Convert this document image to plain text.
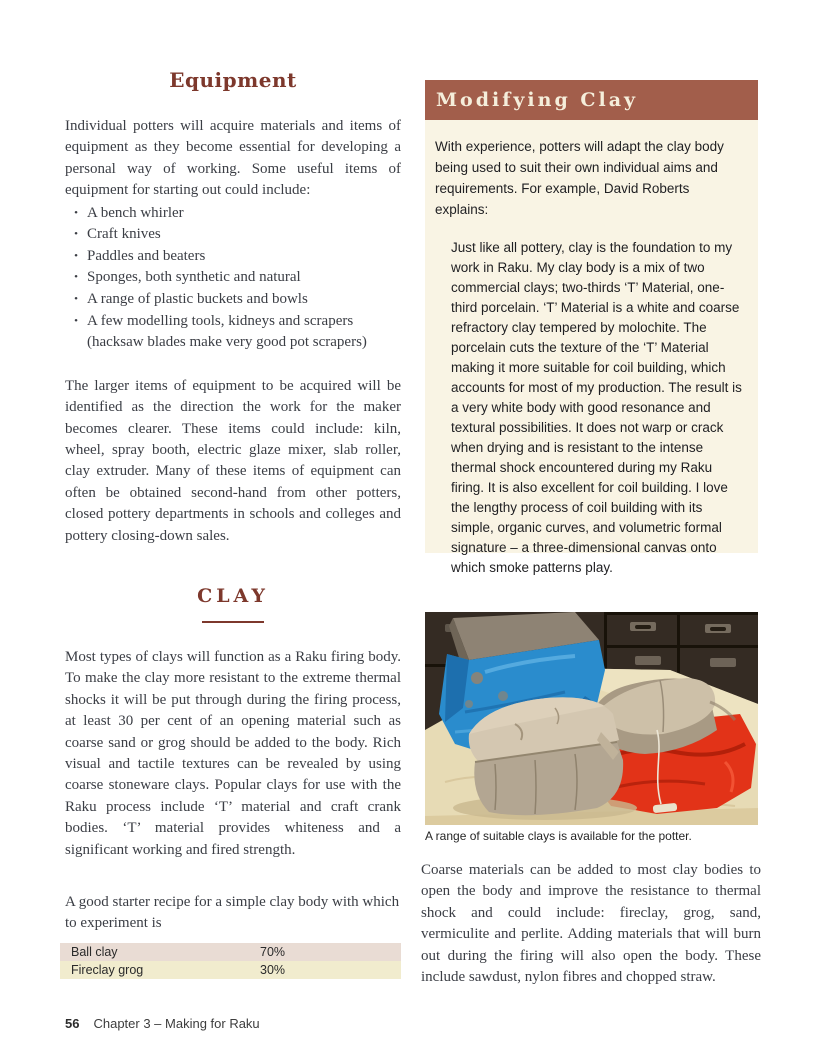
Equipment

Individual potters will acquire materials and items of equipment as they become essential for developing a personal way of working. Some useful items of equipment for starting out could include:

• A bench whirler
• Craft knives
• Paddles and beaters
• Sponges, both synthetic and natural
• A range of plastic buckets and bowls
• A few modelling tools, kidneys and scrapers
(hacksaw blades make very good pot scrapers)

The larger items of equipment to be acquired will be identified as the direction the work for the maker becomes clearer. These items could include: kiln, wheel, spray booth, electric glaze mixer, slab roller, clay extruder. Many of these items of equipment can often be obtained second-hand from other potters, closed pottery departments in schools and colleges and pottery closing-down sales.

CLAY

Most types of clays will function as a Raku firing body. To make the clay more resistant to the extreme thermal shocks it will be put through during the firing process, at least 30 per cent of an opening material such as coarse sand or grog should be added to the body. Rich visual and tactile textures can be revealed by using coarse stoneware clays. Popular clays for use with the Raku process include ‘T’ material and craft crank bodies. ‘T’ material provides whiteness and a significant working and fired strength.

A good starter recipe for a simple clay body with which to experiment is

Ball clay	70%
Fireclay grog	30%
Modifying Clay

With experience, potters will adapt the clay body being used to suit their own individual aims and requirements. For example, David Roberts explains:

Just like all pottery, clay is the foundation to my work in Raku. My clay body is a mix of two commercial clays; two-thirds ‘T’ Material, one-third porcelain. ‘T’ Material is a white and coarse refractory clay tempered by molochite. The porcelain cuts the texture of the ‘T’ Material making it more suitable for coil building, which accounts for most of my production. The result is a very white body with good resonance and textural possibilities. It does not warp or crack when drying and is resistant to the intense thermal shock encountered during my Raku firing. It is also excellent for coil building. I love the lengthy process of coil building with its simple, organic curves, and volumetric formal signature – a three-dimensional canvas onto which smoke patterns play.

A range of suitable clays is available for the potter.

Coarse materials can be added to most clay bodies to open the body and improve the resistance to thermal shock and could include: fireclay, grog, sand, vermiculite and perlite. Adding materials that will burn out during the firing will also open the body. These include sawdust, nylon fibres and chopped straw.

56 Chapter 3 – Making for Raku
